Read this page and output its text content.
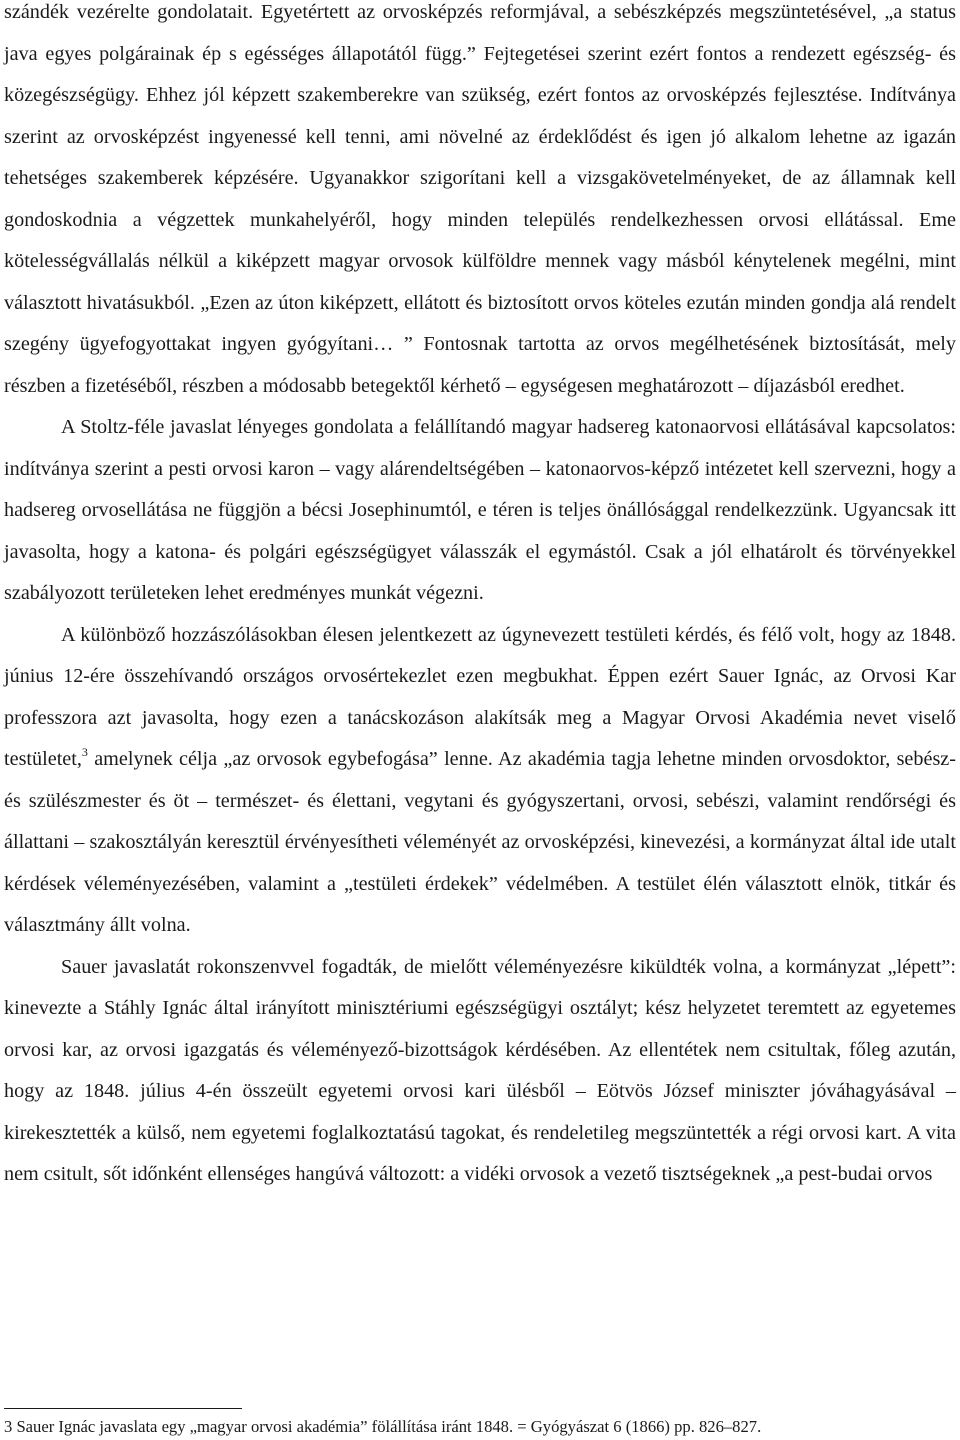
szándék vezérelte gondolatait. Egyetértett az orvosképzés reformjával, a sebészképzés megszüntetésével, „a status java egyes polgárainak ép s egésséges állapotától függ.” Fejtegetései szerint ezért fontos a rendezett egészség- és közegészségügy. Ehhez jól képzett szakemberekre van szükség, ezért fontos az orvosképzés fejlesztése. Indítványa szerint az orvosképzést ingyenessé kell tenni, ami növelné az érdeklődést és igen jó alkalom lehetne az igazán tehetséges szakemberek képzésére. Ugyanakkor szigorítani kell a vizsgakövetelményeket, de az államnak kell gondoskodnia a végzettek munkahelyéről, hogy minden település rendelkezhessen orvosi ellátással. Eme kötelességvállalás nélkül a kiképzett magyar orvosok külföldre mennek vagy másból kénytelenek megélni, mint választott hivatásukból. „Ezen az úton kiképzett, ellátott és biztosított orvos köteles ezután minden gondja alá rendelt szegény ügyefogyottakat ingyen gyógyítani… ” Fontosnak tartotta az orvos megélhetésének biztosítását, mely részben a fizetéséből, részben a módosabb betegektől kérhető – egységesen meghatározott – díjazásból eredhet.

A Stoltz-féle javaslat lényeges gondolata a felállítandó magyar hadsereg katonaorvosi ellátásával kapcsolatos: indítványa szerint a pesti orvosi karon – vagy alárendeltségében – katonaorvos-képző intézetet kell szervezni, hogy a hadsereg orvosellátása ne függjön a bécsi Josephinumtól, e téren is teljes önállósággal rendelkezzünk. Ugyancsak itt javasolta, hogy a katona- és polgári egészségügyet válasszák el egymástól. Csak a jól elhatárolt és törvényekkel szabályozott területeken lehet eredményes munkát végezni.

A különböző hozzászólásokban élesen jelentkezett az úgynevezett testületi kérdés, és félő volt, hogy az 1848. június 12-ére összehívandó országos orvosértekezlet ezen megbukhat. Éppen ezért Sauer Ignác, az Orvosi Kar professzora azt javasolta, hogy ezen a tanácskozáson alakítsák meg a Magyar Orvosi Akadémia nevet viselő testületet,$^3$ amelynek célja „az orvosok egybefogása” lenne. Az akadémia tagja lehetne minden orvosdoktor, sebész- és szülészmester és öt – természet- és élettani, vegytani és gyógyszertani, orvosi, sebészi, valamint rendőrségi és állattani – szakosztályán keresztül érvényesítheti véleményét az orvosképzési, kinevezési, a kormányzat által ide utalt kérdések véleményezésében, valamint a „testületi érdekek” védelmében. A testület élén választott elnök, titkár és választmány állt volna.

Sauer javaslatát rokonszenvvel fogadták, de mielőtt véleményezésre kiküldték volna, a kormányzat „lépett”: kinevezte a Stáhly Ignác által irányított minisztériumi egészségügyi osztályt; kész helyzetet teremtett az egyetemes orvosi kar, az orvosi igazgatás és véleményező-bizottságok kérdésében. Az ellentétek nem csitultak, főleg azután, hogy az 1848. július 4-én összeült egyetemi orvosi kari ülésből – Eötvös József miniszter jóváhagyásával – kirekesztették a külső, nem egyetemi foglalkoztatású tagokat, és rendeletileg megszüntették a régi orvosi kart. A vita nem csitult, sőt időnként ellenséges hangúvá változott: a vidéki orvosok a vezető tisztségeknek „a pest-budai orvos

3 Sauer Ignác javaslata egy „magyar orvosi akadémia” fölállítása iránt 1848. = Gyógyászat 6 (1866) pp. 826–827.
